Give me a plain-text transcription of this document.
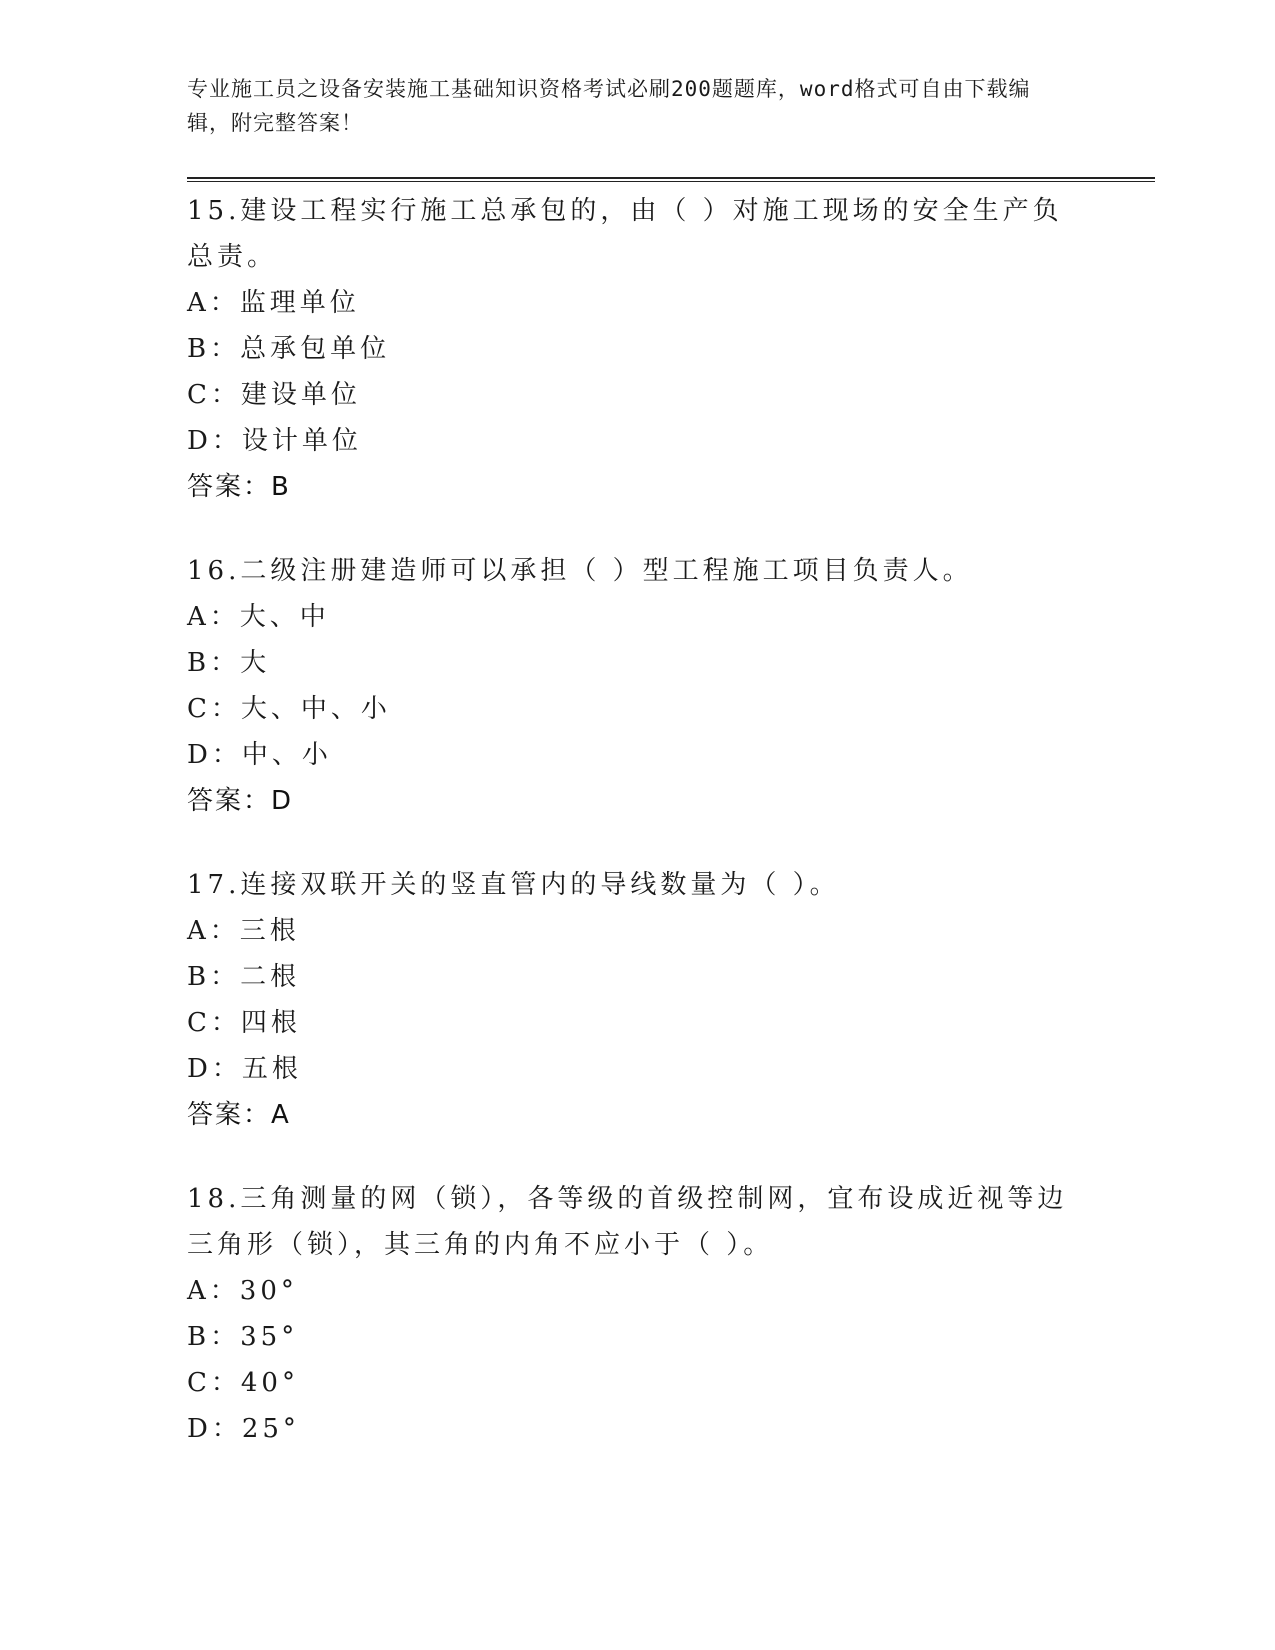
专业施工员之设备安装施工基础知识资格考试必刷200题题库，word格式可自由下载编辑，附完整答案！

15.建设工程实行施工总承包的，由（ ）对施工现场的安全生产负总责。

A：监理单位

B：总承包单位

C：建设单位

D：设计单位

答案：B

16.二级注册建造师可以承担（ ）型工程施工项目负责人。

A：大、中

B：大

C：大、中、小

D：中、小

答案：D

17.连接双联开关的竖直管内的导线数量为（ ）。

A：三根

B：二根

C：四根

D：五根

答案：A

18.三角测量的网（锁），各等级的首级控制网，宜布设成近视等边三角形（锁），其三角的内角不应小于（ ）。

A：30°

B：35°

C：40°

D：25°
